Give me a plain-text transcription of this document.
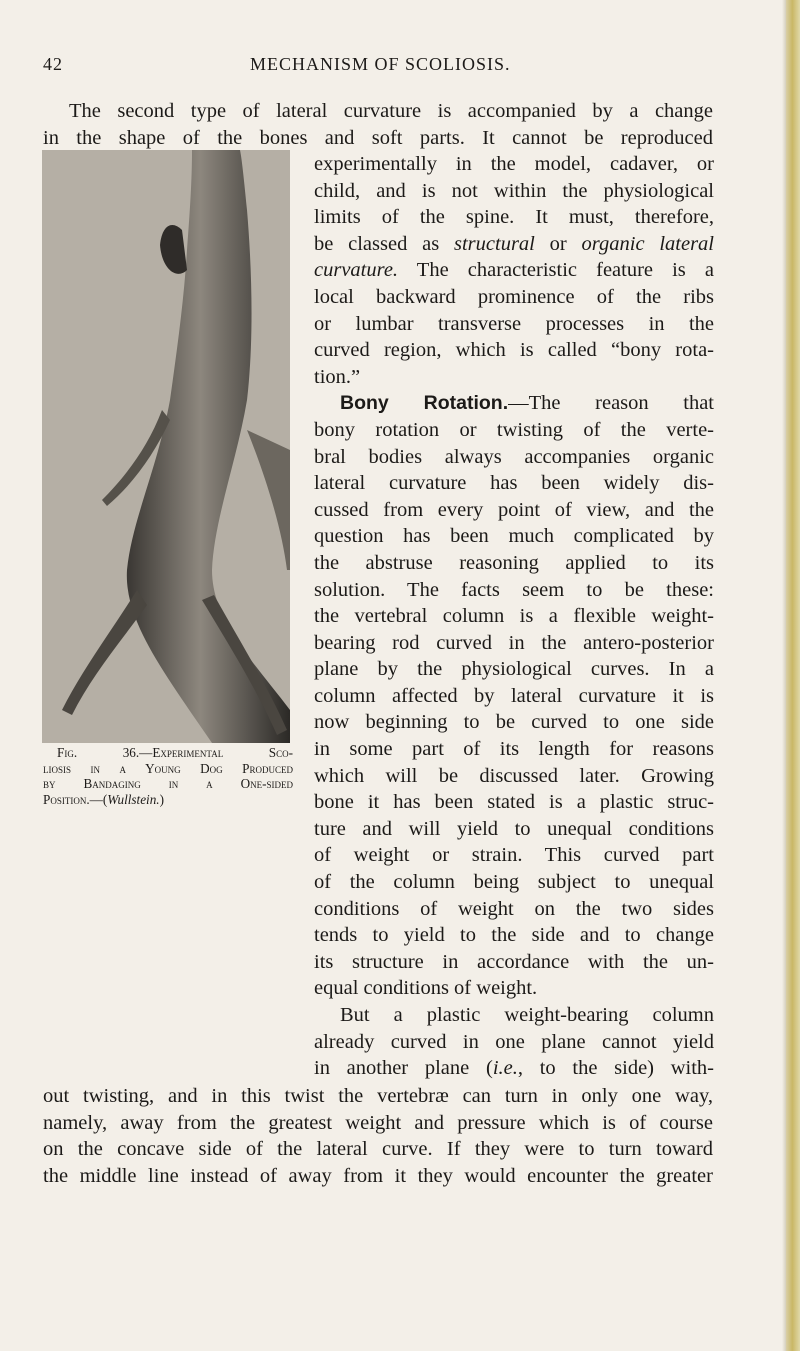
42	MECHANISM OF SCOLIOSIS.
The second type of lateral curvature is accompanied by a change
in the shape of the bones and soft parts. It cannot be reproduced
experimentally in the model, cadaver, or
child, and is not within the physiological
limits of the spine. It must, therefore,
be classed as structural or organic lateral
curvature. The characteristic feature is a
local backward prominence of the ribs
or lumbar transverse processes in the
curved region, which is called “bony rota-
tion.”
Bony Rotation.—The reason that
bony rotation or twisting of the verte-
bral bodies always accompanies organic
lateral curvature has been widely dis-
cussed from every point of view, and the
question has been much complicated by
the abstruse reasoning applied to its
solution. The facts seem to be these:
the vertebral column is a flexible weight-
bearing rod curved in the antero-posterior
plane by the physiological curves. In a
column affected by lateral curvature it is
now beginning to be curved to one side
in some part of its length for reasons
which will be discussed later. Growing
bone it has been stated is a plastic struc-
ture and will yield to unequal conditions
of weight or strain. This curved part
of the column being subject to unequal
conditions of weight on the two sides
tends to yield to the side and to change
its structure in accordance with the un-
equal conditions of weight.
But a plastic weight-bearing column
already curved in one plane cannot yield
in another plane (i.e., to the side) with-
Fig. 36.—Experimental Sco-
liosis in a Young Dog Produced
by Bandaging in a One-sided
Position.—(Wullstein.)
out twisting, and in this twist the vertebræ can turn in only one way,
namely, away from the greatest weight and pressure which is of course
on the concave side of the lateral curve. If they were to turn toward
the middle line instead of away from it they would encounter the greater
